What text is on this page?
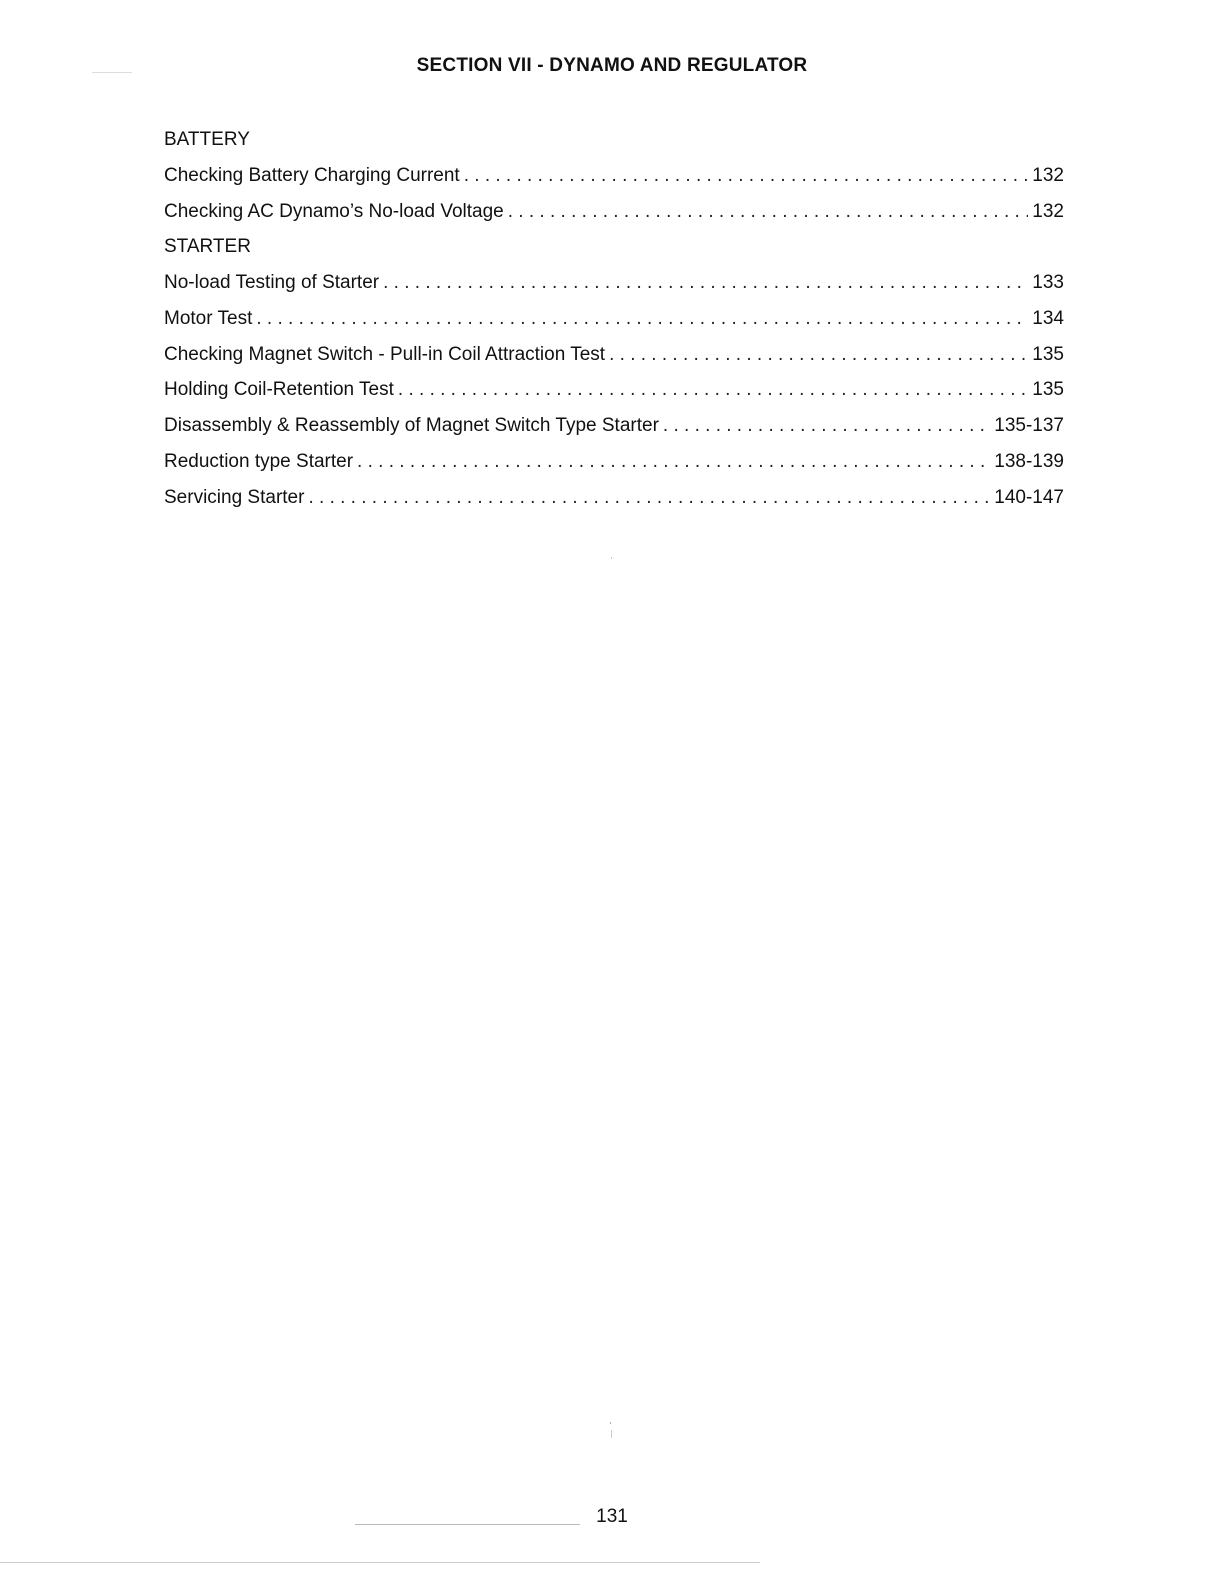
SECTION VII - DYNAMO AND REGULATOR
BATTERY
Checking Battery Charging Current . . .	132
Checking AC Dynamo’s No-load Voltage . . .	132
STARTER
No-load Testing of Starter . . .	133
Motor Test . . .	134
Checking Magnet Switch - Pull-in Coil Attraction Test . . .	135
Holding Coil-Retention Test . . .	135
Disassembly & Reassembly of Magnet Switch Type Starter . . .	135-137
Reduction type Starter . . .	138-139
Servicing Starter . . .	140-147
131
